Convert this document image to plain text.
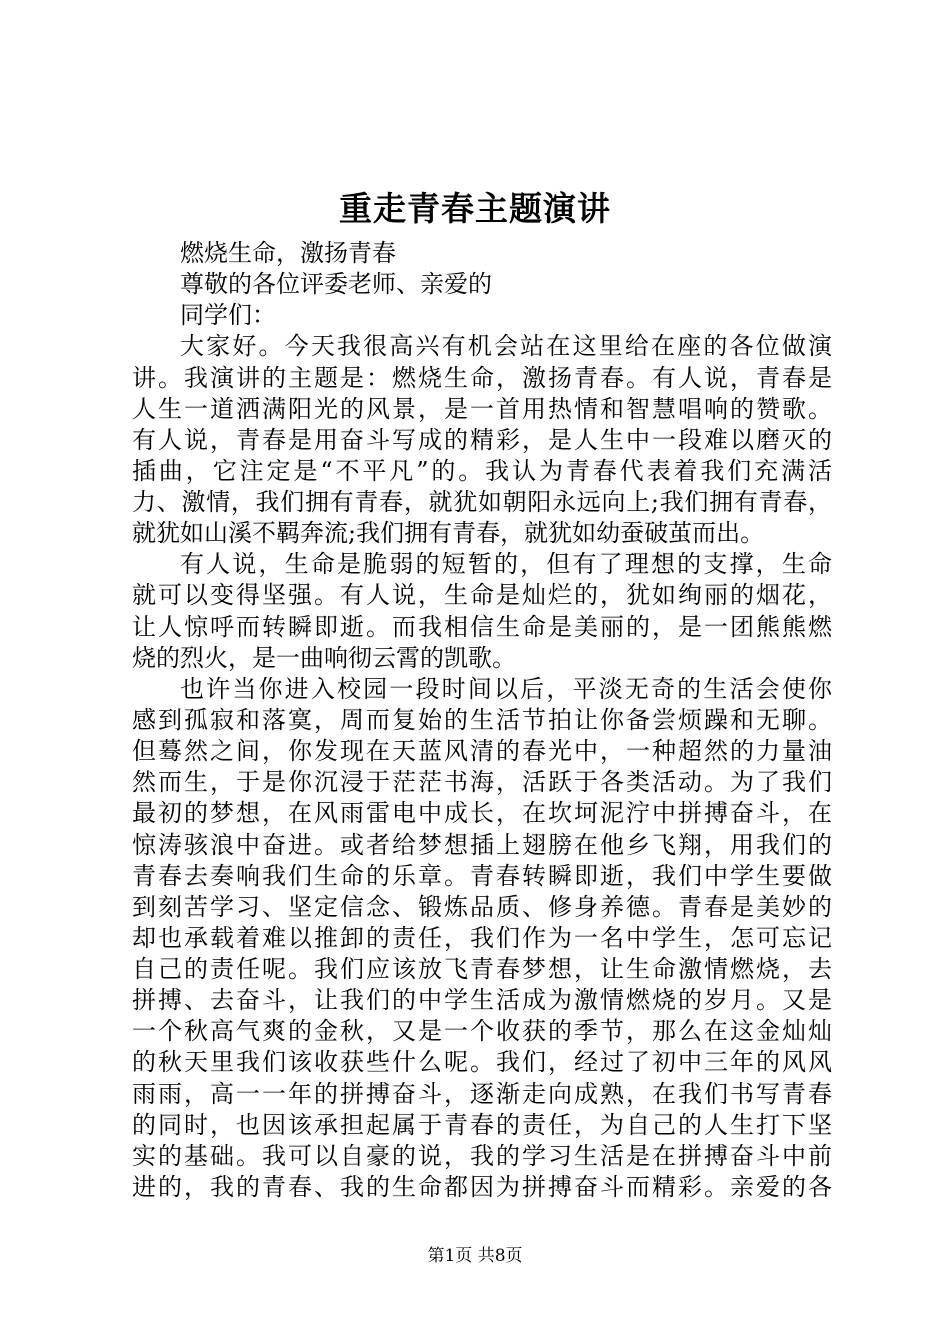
重走青春主题演讲
燃烧生命，激扬青春
尊敬的各位评委老师、亲爱的
同学们：
大家好。今天我很高兴有机会站在这里给在座的各位做演
讲。我演讲的主题是：燃烧生命，激扬青春。有人说，青春是
人生一道洒满阳光的风景，是一首用热情和智慧唱响的赞歌。
有人说，青春是用奋斗写成的精彩，是人生中一段难以磨灭的
插曲，它注定是“不平凡”的。我认为青春代表着我们充满活
力、激情，我们拥有青春，就犹如朝阳永远向上;我们拥有青春，
就犹如山溪不羁奔流;我们拥有青春，就犹如幼蚕破茧而出。
有人说，生命是脆弱的短暂的，但有了理想的支撑，生命
就可以变得坚强。有人说，生命是灿烂的，犹如绚丽的烟花，
让人惊呼而转瞬即逝。而我相信生命是美丽的，是一团熊熊燃
烧的烈火，是一曲响彻云霄的凯歌。
也许当你进入校园一段时间以后，平淡无奇的生活会使你
感到孤寂和落寞，周而复始的生活节拍让你备尝烦躁和无聊。
但蓦然之间，你发现在天蓝风清的春光中，一种超然的力量油
然而生，于是你沉浸于茫茫书海，活跃于各类活动。为了我们
最初的梦想，在风雨雷电中成长，在坎坷泥泞中拼搏奋斗，在
惊涛骇浪中奋进。或者给梦想插上翅膀在他乡飞翔，用我们的
青春去奏响我们生命的乐章。青春转瞬即逝，我们中学生要做
到刻苦学习、坚定信念、锻炼品质、修身养德。青春是美妙的
却也承载着难以推卸的责任，我们作为一名中学生，怎可忘记
自己的责任呢。我们应该放飞青春梦想，让生命激情燃烧，去
拼搏、去奋斗，让我们的中学生活成为激情燃烧的岁月。又是
一个秋高气爽的金秋，又是一个收获的季节，那么在这金灿灿
的秋天里我们该收获些什么呢。我们，经过了初中三年的风风
雨雨，高一一年的拼搏奋斗，逐渐走向成熟，在我们书写青春
的同时，也因该承担起属于青春的责任，为自己的人生打下坚
实的基础。我可以自豪的说，我的学习生活是在拼搏奋斗中前
进的，我的青春、我的生命都因为拼搏奋斗而精彩。亲爱的各
第1页 共8页
